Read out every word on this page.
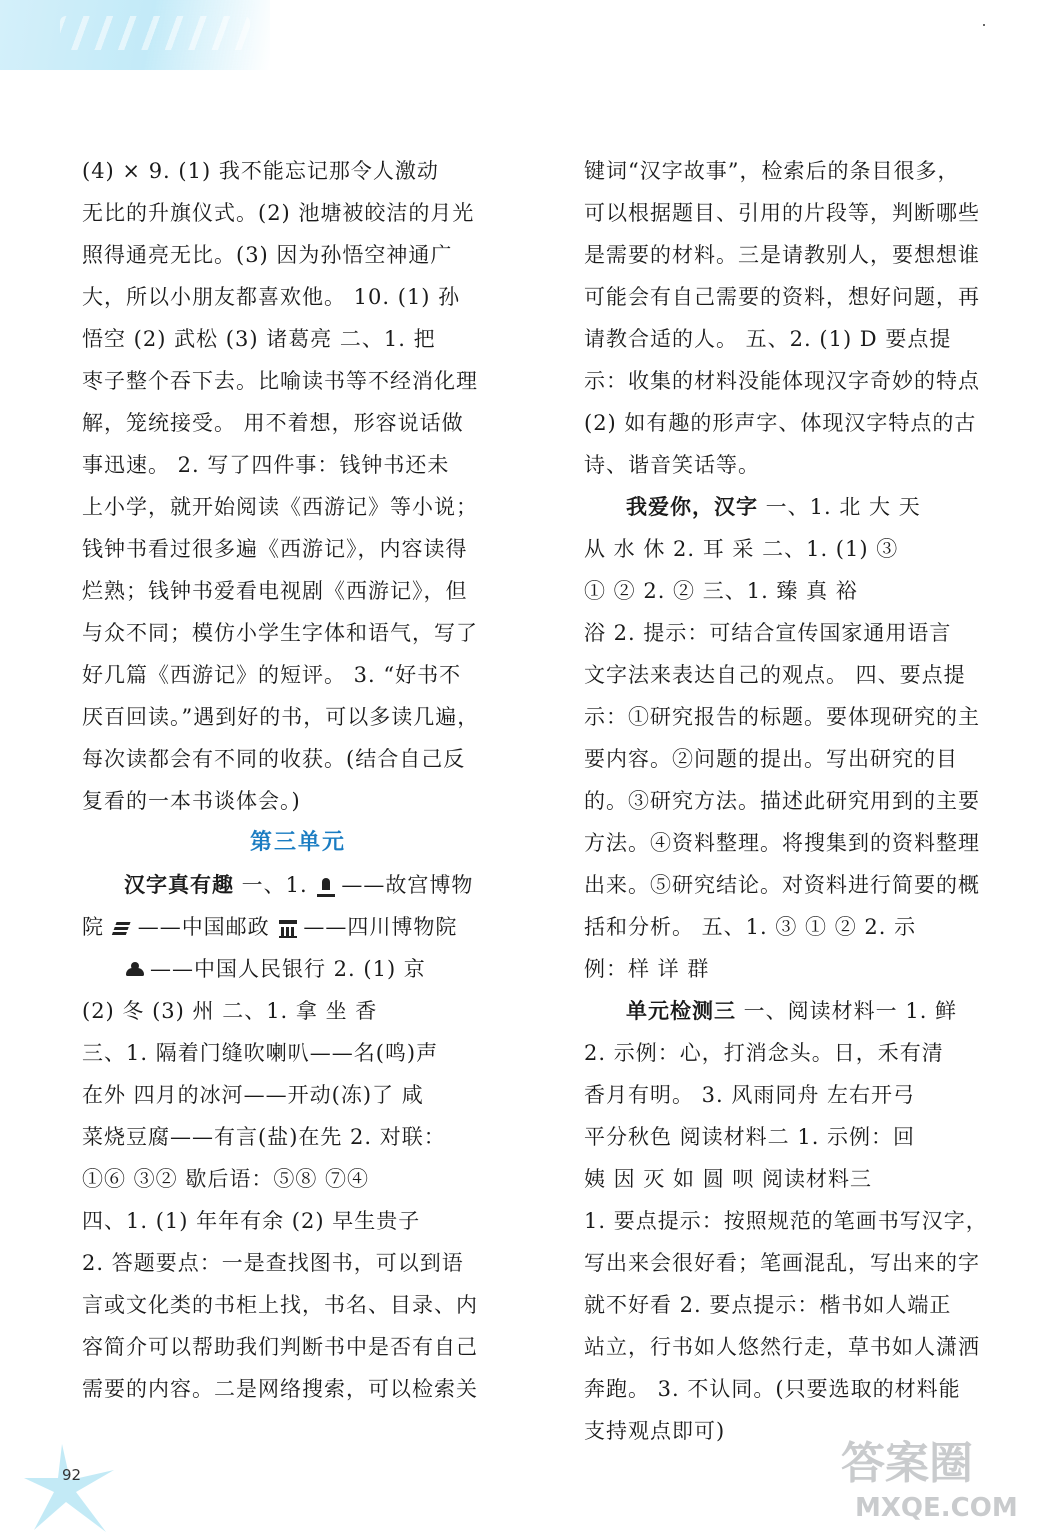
(4) × 9. (1) 我不能忘记那令人激动
无比的升旗仪式。(2) 池塘被皎洁的月光
照得通亮无比。(3) 因为孙悟空神通广
大，所以小朋友都喜欢他。 10. (1) 孙
悟空 (2) 武松 (3) 诸葛亮 二、1. 把
枣子整个吞下去。比喻读书等不经消化理
解，笼统接受。 用不着想，形容说话做
事迅速。 2. 写了四件事：钱钟书还未
上小学，就开始阅读《西游记》等小说；
钱钟书看过很多遍《西游记》，内容读得
烂熟；钱钟书爱看电视剧《西游记》，但
与众不同；模仿小学生字体和语气，写了
好几篇《西游记》的短评。 3. “好书不
厌百回读。”遇到好的书，可以多读几遍，
每次读都会有不同的收获。(结合自己反
复看的一本书谈体会。)
第三单元
汉字真有趣 一、1. ——故宫博物
院 ——中国邮政 ——四川博物院
——中国人民银行 2. (1) 京
(2) 冬 (3) 州 二、1. 拿 坐 香
三、1. 隔着门缝吹喇叭——名(鸣)声
在外 四月的冰河——开动(冻)了 咸
菜烧豆腐——有言(盐)在先 2. 对联：
①⑥ ③② 歇后语：⑤⑧ ⑦④
四、1. (1) 年年有余 (2) 早生贵子
2. 答题要点：一是查找图书，可以到语
言或文化类的书柜上找，书名、目录、内
容简介可以帮助我们判断书中是否有自己
需要的内容。二是网络搜索，可以检索关
键词“汉字故事”，检索后的条目很多，
可以根据题目、引用的片段等，判断哪些
是需要的材料。三是请教别人，要想想谁
可能会有自己需要的资料，想好问题，再
请教合适的人。 五、2. (1) D 要点提
示：收集的材料没能体现汉字奇妙的特点
(2) 如有趣的形声字、体现汉字特点的古
诗、谐音笑话等。
我爱你，汉字 一、1. 北 大 天
从 水 休 2. 耳 采 二、1. (1) ③
① ② 2. ② 三、1. 臻 真 裕
浴 2. 提示：可结合宣传国家通用语言
文字法来表达自己的观点。 四、要点提
示：①研究报告的标题。要体现研究的主
要内容。②问题的提出。写出研究的目
的。③研究方法。描述此研究用到的主要
方法。④资料整理。将搜集到的资料整理
出来。⑤研究结论。对资料进行简要的概
括和分析。 五、1. ③ ① ② 2. 示
例：样 详 群
单元检测三 一、阅读材料一 1. 鲜
2. 示例：心，打消念头。日，禾有清
香月有明。 3. 风雨同舟 左右开弓
平分秋色 阅读材料二 1. 示例：回
姨 因 灭 如 圆 呗 阅读材料三
1. 要点提示：按照规范的笔画书写汉字，
写出来会很好看；笔画混乱，写出来的字
就不好看 2. 要点提示：楷书如人端正
站立，行书如人悠然行走，草书如人潇洒
奔跑。 3. 不认同。(只要选取的材料能
支持观点即可)
92	答案圈
MXQE.COM
